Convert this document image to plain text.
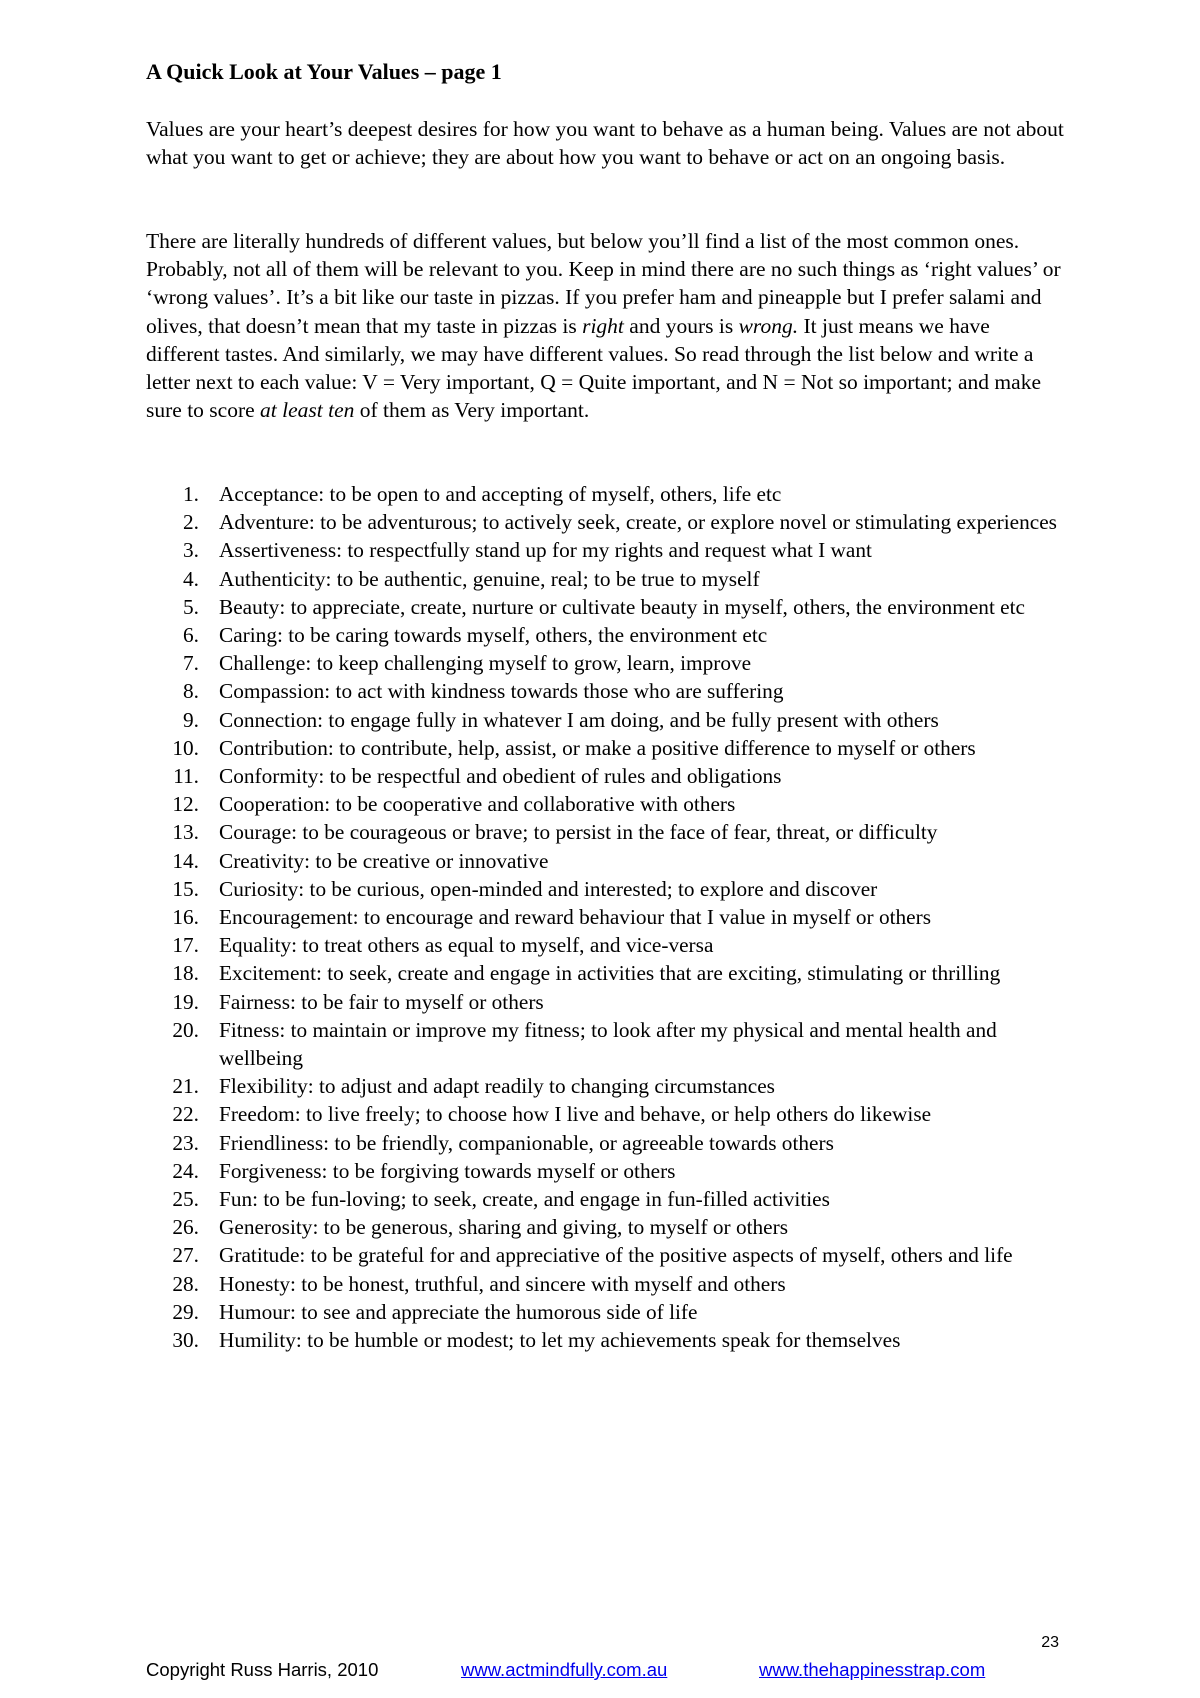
A Quick Look at Your Values – page 1

Values are your heart’s deepest desires for how you want to behave as a human being. Values are not about what you want to get or achieve; they are about how you want to behave or act on an ongoing basis.

There are literally hundreds of different values, but below you’ll find a list of the most common ones. Probably, not all of them will be relevant to you. Keep in mind there are no such things as ‘right values’ or ‘wrong values’. It’s a bit like our taste in pizzas. If you prefer ham and pineapple but I prefer salami and olives, that doesn’t mean that my taste in pizzas is right and yours is wrong. It just means we have different tastes. And similarly, we may have different values. So read through the list below and write a letter next to each value: V = Very important, Q = Quite important, and N = Not so important; and make sure to score at least ten of them as Very important.

1. Acceptance: to be open to and accepting of myself, others, life etc
2. Adventure: to be adventurous; to actively seek, create, or explore novel or stimulating experiences
3. Assertiveness: to respectfully stand up for my rights and request what I want
4. Authenticity: to be authentic, genuine, real; to be true to myself
5. Beauty: to appreciate, create, nurture or cultivate beauty in myself, others, the environment etc
6. Caring: to be caring towards myself, others, the environment etc
7. Challenge: to keep challenging myself to grow, learn, improve
8. Compassion: to act with kindness towards those who are suffering
9. Connection: to engage fully in whatever I am doing, and be fully present with others
10. Contribution: to contribute, help, assist, or make a positive difference to myself or others
11. Conformity: to be respectful and obedient of rules and obligations
12. Cooperation: to be cooperative and collaborative with others
13. Courage: to be courageous or brave; to persist in the face of fear, threat, or difficulty
14. Creativity: to be creative or innovative
15. Curiosity: to be curious, open-minded and interested; to explore and discover
16. Encouragement: to encourage and reward behaviour that I value in myself or others
17. Equality: to treat others as equal to myself, and vice-versa
18. Excitement: to seek, create and engage in activities that are exciting, stimulating or thrilling
19. Fairness: to be fair to myself or others
20. Fitness: to maintain or improve my fitness; to look after my physical and mental health and wellbeing
21. Flexibility: to adjust and adapt readily to changing circumstances
22. Freedom: to live freely; to choose how I live and behave, or help others do likewise
23. Friendliness: to be friendly, companionable, or agreeable towards others
24. Forgiveness: to be forgiving towards myself or others
25. Fun: to be fun-loving; to seek, create, and engage in fun-filled activities
26. Generosity: to be generous, sharing and giving, to myself or others
27. Gratitude: to be grateful for and appreciative of the positive aspects of myself, others and life
28. Honesty: to be honest, truthful, and sincere with myself and others
29. Humour: to see and appreciate the humorous side of life
30. Humility: to be humble or modest; to let my achievements speak for themselves
23
Copyright Russ Harris, 2010	www.actmindfully.com.au	www.thehappinesstrap.com
